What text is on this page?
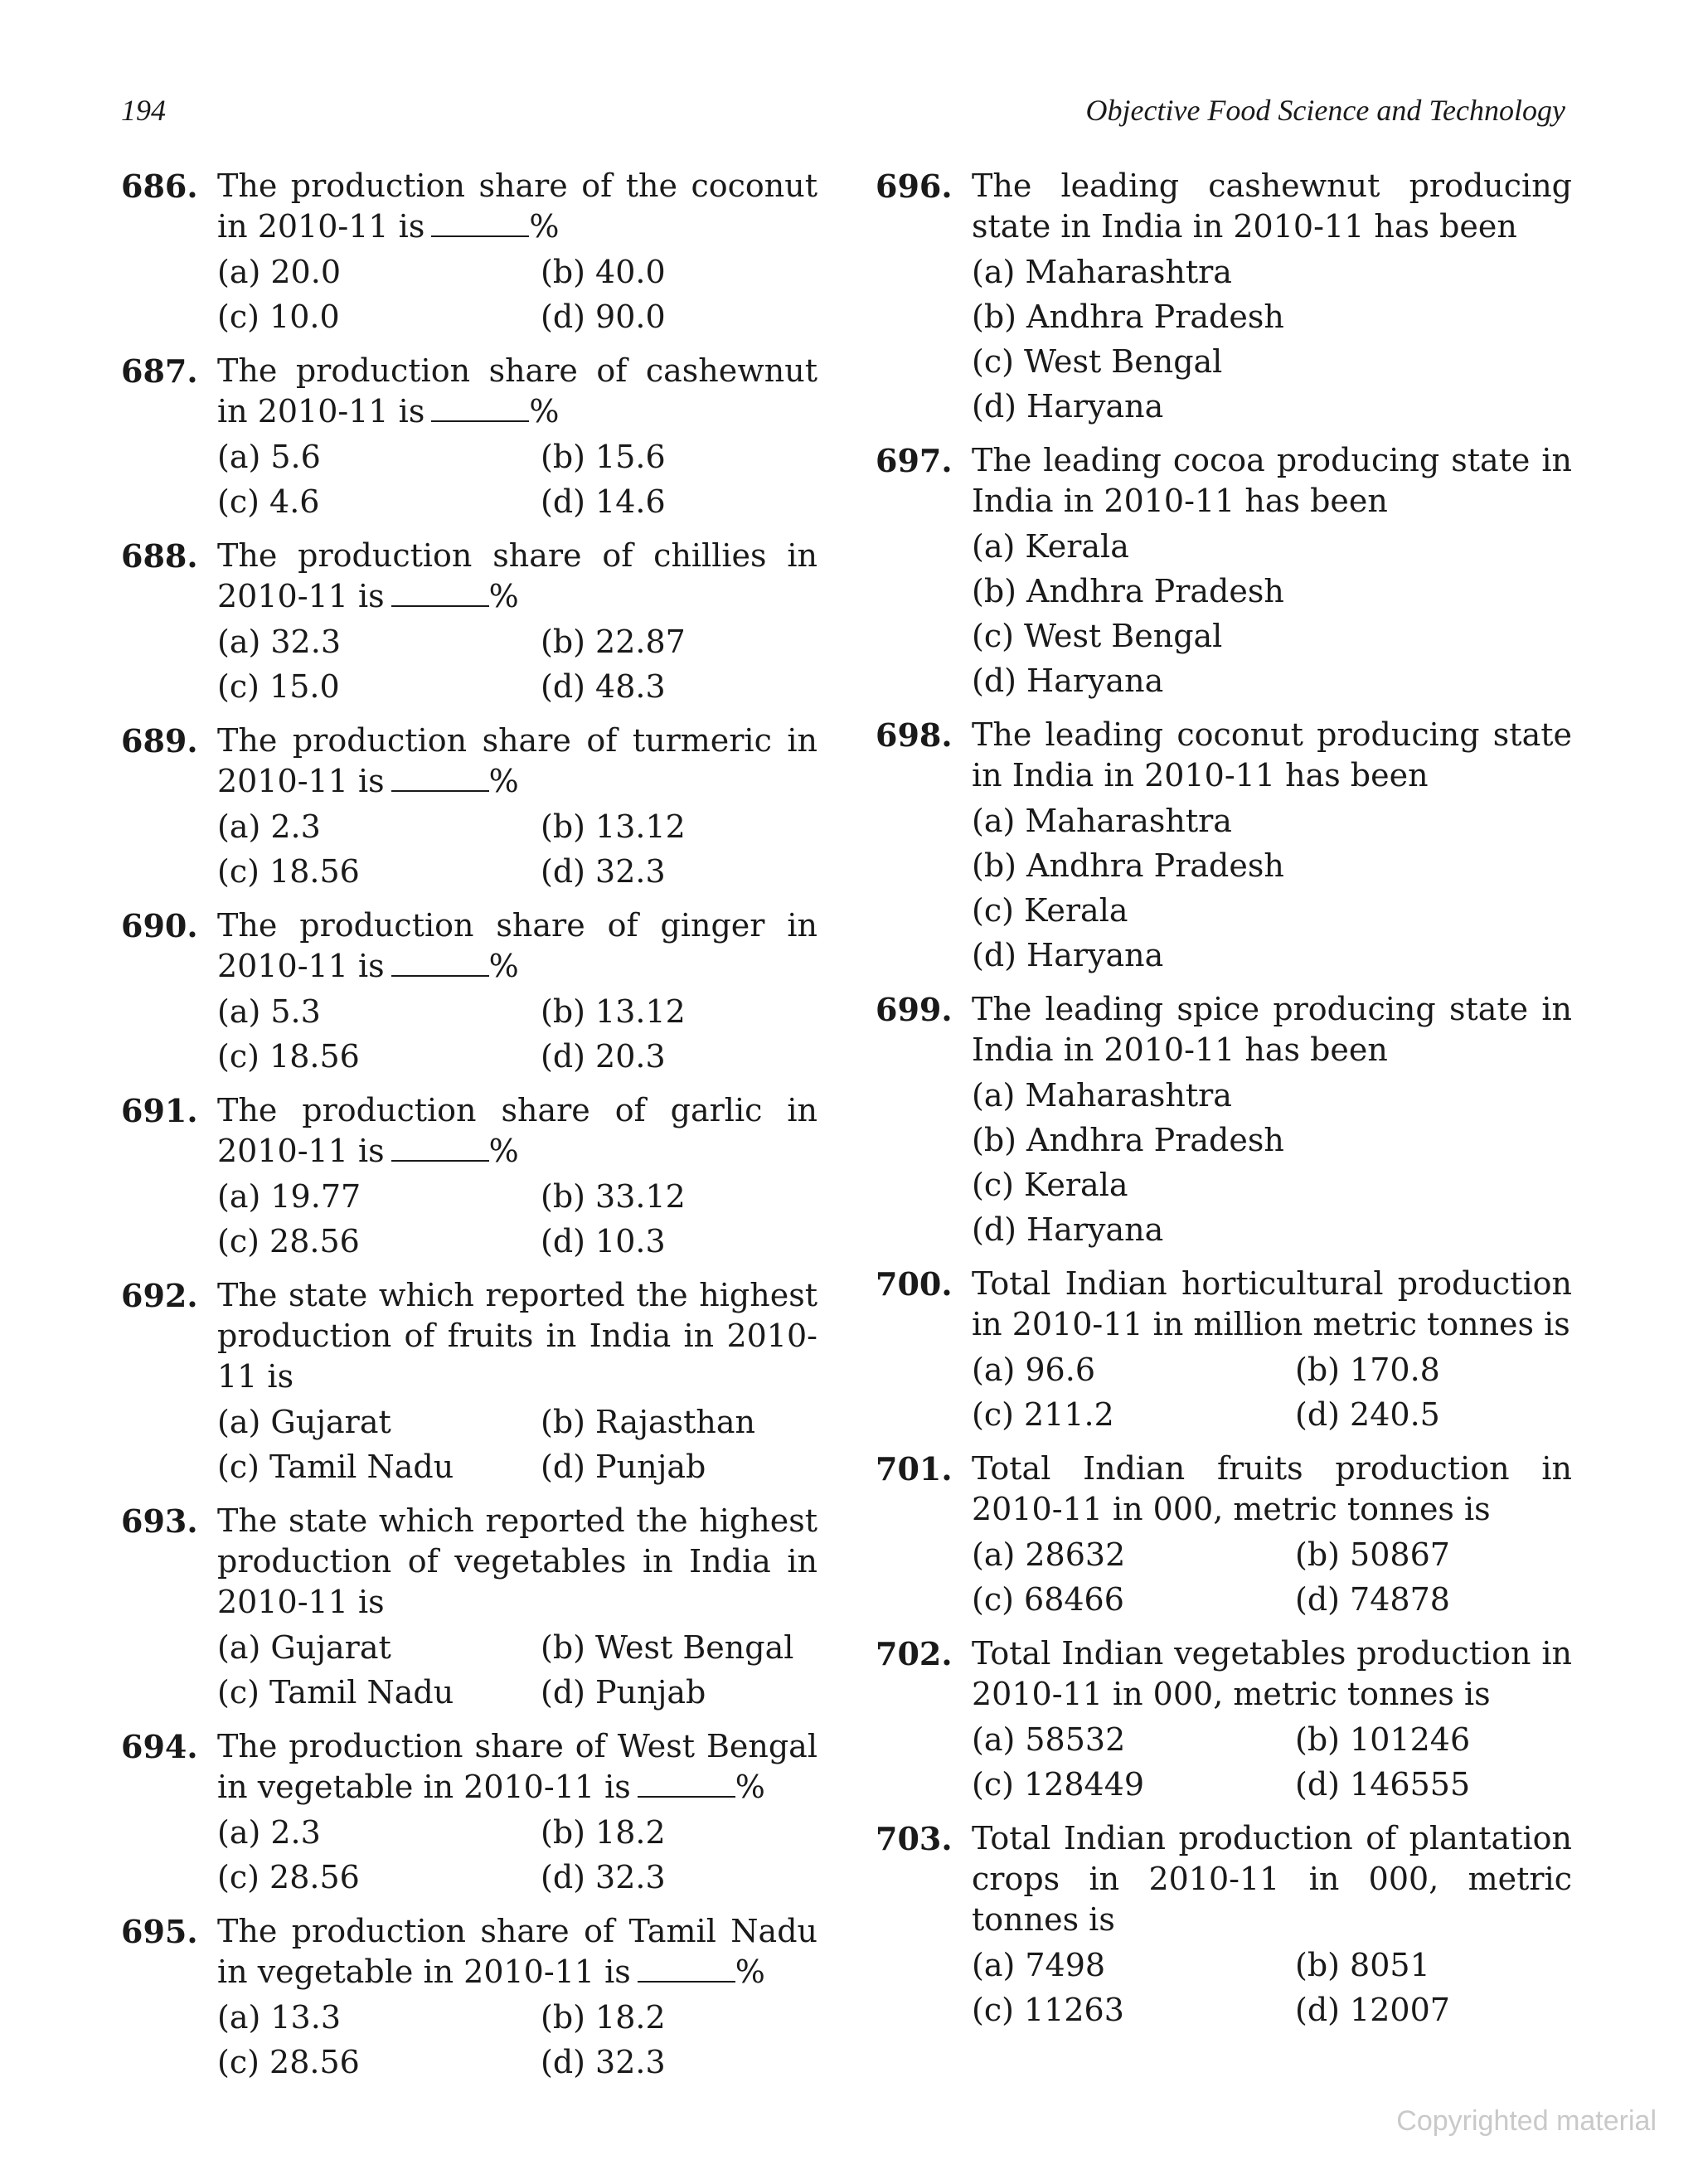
194	Objective Food Science and Technology
686. The production share of the coconut in 2010-11 is	%
(a) 20.0	(b) 40.0
(c) 10.0	(d) 90.0
687. The production share of cashewnut in 2010-11 is	%
(a) 5.6	(b) 15.6
(c) 4.6	(d) 14.6
688. The production share of chillies in 2010-11 is	%
(a) 32.3	(b) 22.87
(c) 15.0	(d) 48.3
689. The production share of turmeric in 2010-11 is	%
(a) 2.3	(b) 13.12
(c) 18.56	(d) 32.3
690. The production share of ginger in 2010-11 is	%
(a) 5.3	(b) 13.12
(c) 18.56	(d) 20.3
691. The production share of garlic in 2010-11 is	%
(a) 19.77	(b) 33.12
(c) 28.56	(d) 10.3
692. The state which reported the highest production of fruits in India in 2010-11 is
(a) Gujarat	(b) Rajasthan
(c) Tamil Nadu	(d) Punjab
693. The state which reported the highest production of vegetables in India in 2010-11 is
(a) Gujarat	(b) West Bengal
(c) Tamil Nadu	(d) Punjab
694. The production share of West Bengal in vegetable in 2010-11 is	%
(a) 2.3	(b) 18.2
(c) 28.56	(d) 32.3
695. The production share of Tamil Nadu in vegetable in 2010-11 is	%
(a) 13.3	(b) 18.2
(c) 28.56	(d) 32.3
696. The leading cashewnut producing state in India in 2010-11 has been
(a) Maharashtra
(b) Andhra Pradesh
(c) West Bengal
(d) Haryana
697. The leading cocoa producing state in India in 2010-11 has been
(a) Kerala
(b) Andhra Pradesh
(c) West Bengal
(d) Haryana
698. The leading coconut producing state in India in 2010-11 has been
(a) Maharashtra
(b) Andhra Pradesh
(c) Kerala
(d) Haryana
699. The leading spice producing state in India in 2010-11 has been
(a) Maharashtra
(b) Andhra Pradesh
(c) Kerala
(d) Haryana
700. Total Indian horticultural production in 2010-11 in million metric tonnes is
(a) 96.6	(b) 170.8
(c) 211.2	(d) 240.5
701. Total Indian fruits production in 2010-11 in 000, metric tonnes is
(a) 28632	(b) 50867
(c) 68466	(d) 74878
702. Total Indian vegetables production in 2010-11 in 000, metric tonnes is
(a) 58532	(b) 101246
(c) 128449	(d) 146555
703. Total Indian production of plantation crops in 2010-11 in 000, metric tonnes is
(a) 7498	(b) 8051
(c) 11263	(d) 12007
Copyrighted material
